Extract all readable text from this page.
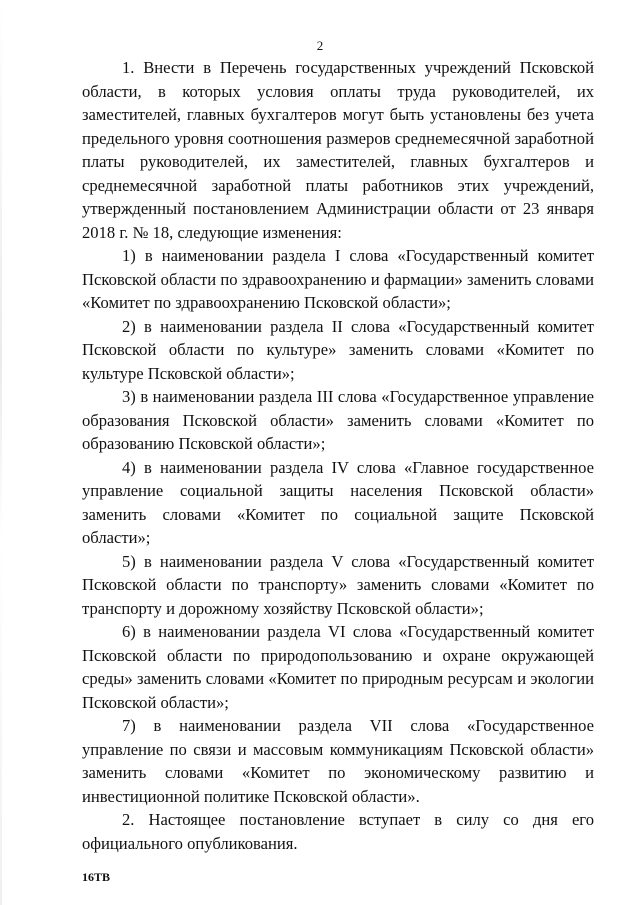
2

1. Внести в Перечень государственных учреждений Псковской области, в которых условия оплаты труда руководителей, их заместителей, главных бухгалтеров могут быть установлены без учета предельного уровня соотношения размеров среднемесячной заработной платы руководителей, их заместителей, главных бухгалтеров и среднемесячной заработной платы работников этих учреждений, утвержденный постановлением Администрации области от 23 января 2018 г. № 18, следующие изменения:

1) в наименовании раздела I слова «Государственный комитет Псковской области по здравоохранению и фармации» заменить словами «Комитет по здравоохранению Псковской области»;

2) в наименовании раздела II слова «Государственный комитет Псковской области по культуре» заменить словами «Комитет по культуре Псковской области»;

3) в наименовании раздела III слова «Государственное управление образования Псковской области» заменить словами «Комитет по образованию Псковской области»;

4) в наименовании раздела IV слова «Главное государственное управление социальной защиты населения Псковской области» заменить словами «Комитет по социальной защите Псковской области»;

5) в наименовании раздела V слова «Государственный комитет Псковской области по транспорту» заменить словами «Комитет по транспорту и дорожному хозяйству Псковской области»;

6) в наименовании раздела VI слова «Государственный комитет Псковской области по природопользованию и охране окружающей среды» заменить словами «Комитет по природным ресурсам и экологии Псковской области»;

7) в наименовании раздела VII слова «Государственное управление по связи и массовым коммуникациям Псковской области» заменить словами «Комитет по экономическому развитию и инвестиционной политике Псковской области».

2. Настоящее постановление вступает в силу со дня его официального опубликования.

16ТВ
